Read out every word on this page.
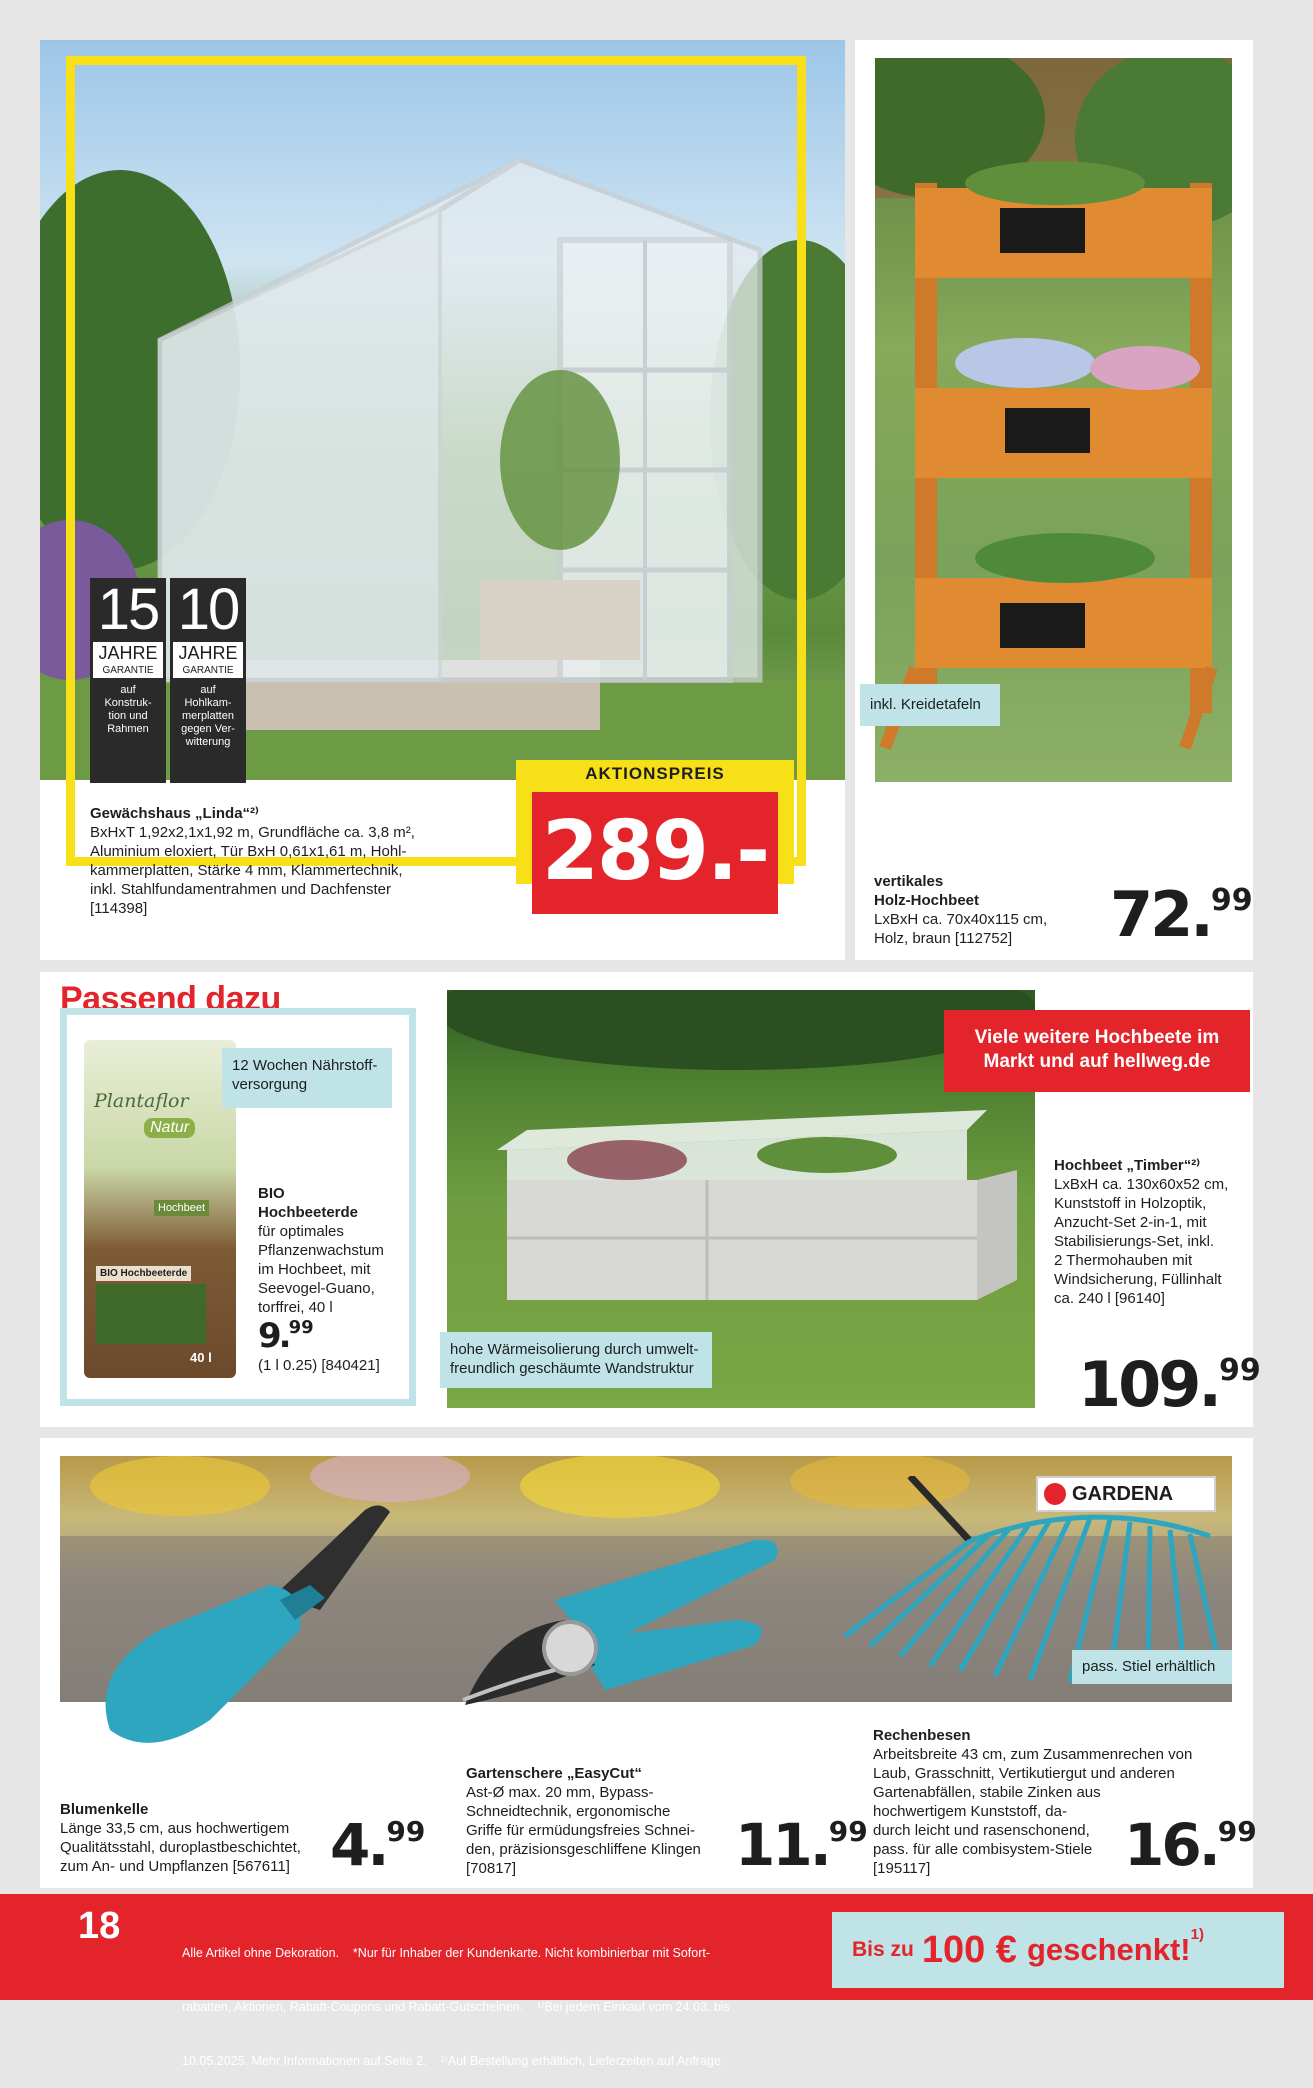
15
JAHRE
GARANTIE
auf
Konstruk-
tion und
Rahmen
10
JAHRE
GARANTIE
auf
Hohlkam-
merplatten
gegen Ver-
witterung
Gewächshaus „Linda“²⁾
BxHxT 1,92x2,1x1,92 m, Grundfläche ca. 3,8 m²,
Aluminium eloxiert, Tür BxH 0,61x1,61 m, Hohl-
kammerplatten, Stärke 4 mm, Klammertechnik,
inkl. Stahlfundamentrahmen und Dachfenster
[114398]
AKTIONSPREIS
289.-
inkl. Kreidetafeln
vertikales
Holz-Hochbeet
LxBxH ca. 70x40x115 cm,
Holz, braun [112752]	72.99
Passend dazu
Plantaflor
Natur
Hochbeet
BIO Hochbeeterde
40 l
12 Wochen Nährstoff-
versorgung
BIO
Hochbeeterde
für optimales
Pflanzenwachstum
im Hochbeet, mit
Seevogel-Guano,
torffrei, 40 l
9.99
(1 l 0.25) [840421]
Viele weitere Hochbeete im
Markt und auf hellweg.de
hohe Wärmeisolierung durch umwelt-
freundlich geschäumte Wandstruktur
Hochbeet „Timber“²⁾
LxBxH ca. 130x60x52 cm,
Kunststoff in Holzoptik,
Anzucht-Set 2-in-1, mit
Stabilisierungs-Set, inkl.
2 Thermohauben mit
Windsicherung, Füllinhalt
ca. 240 l [96140]
109.99
GARDENA
pass. Stiel erhältlich
Blumenkelle
Länge 33,5 cm, aus hochwertigem
Qualitätsstahl, duroplastbeschichtet,
zum An- und Umpflanzen [567611] 4.99
Gartenschere „EasyCut“
Ast-Ø max. 20 mm, Bypass-
Schneidtechnik, ergonomische
Griffe für ermüdungsfreies Schnei-
den, präzisionsgeschliffene Klingen
[70817]	11.99
Rechenbesen
Arbeitsbreite 43 cm, zum Zusammenrechen von
Laub, Grasschnitt, Vertikutiergut und anderen
Gartenabfällen, stabile Zinken aus
hochwertigem Kunststoff, da-
durch leicht und rasenschonend,
pass. für alle combisystem-Stiele
[195117]	16.99
18

Alle Artikel ohne Dekoration.    *Nur für Inhaber der Kundenkarte. Nicht kombinierbar mit Sofort-

rabatten, Aktionen, Rabatt-Coupons und Rabatt-Gutscheinen.    ¹⁾Bei jedem Einkauf vom 24.03. bis

10.05.2025. Mehr Informationen auf Seite 2.    ²⁾Auf Bestellung erhältlich, Lieferzeiten auf Anfrage.

Bis zu 100 € geschenkt! 1)
